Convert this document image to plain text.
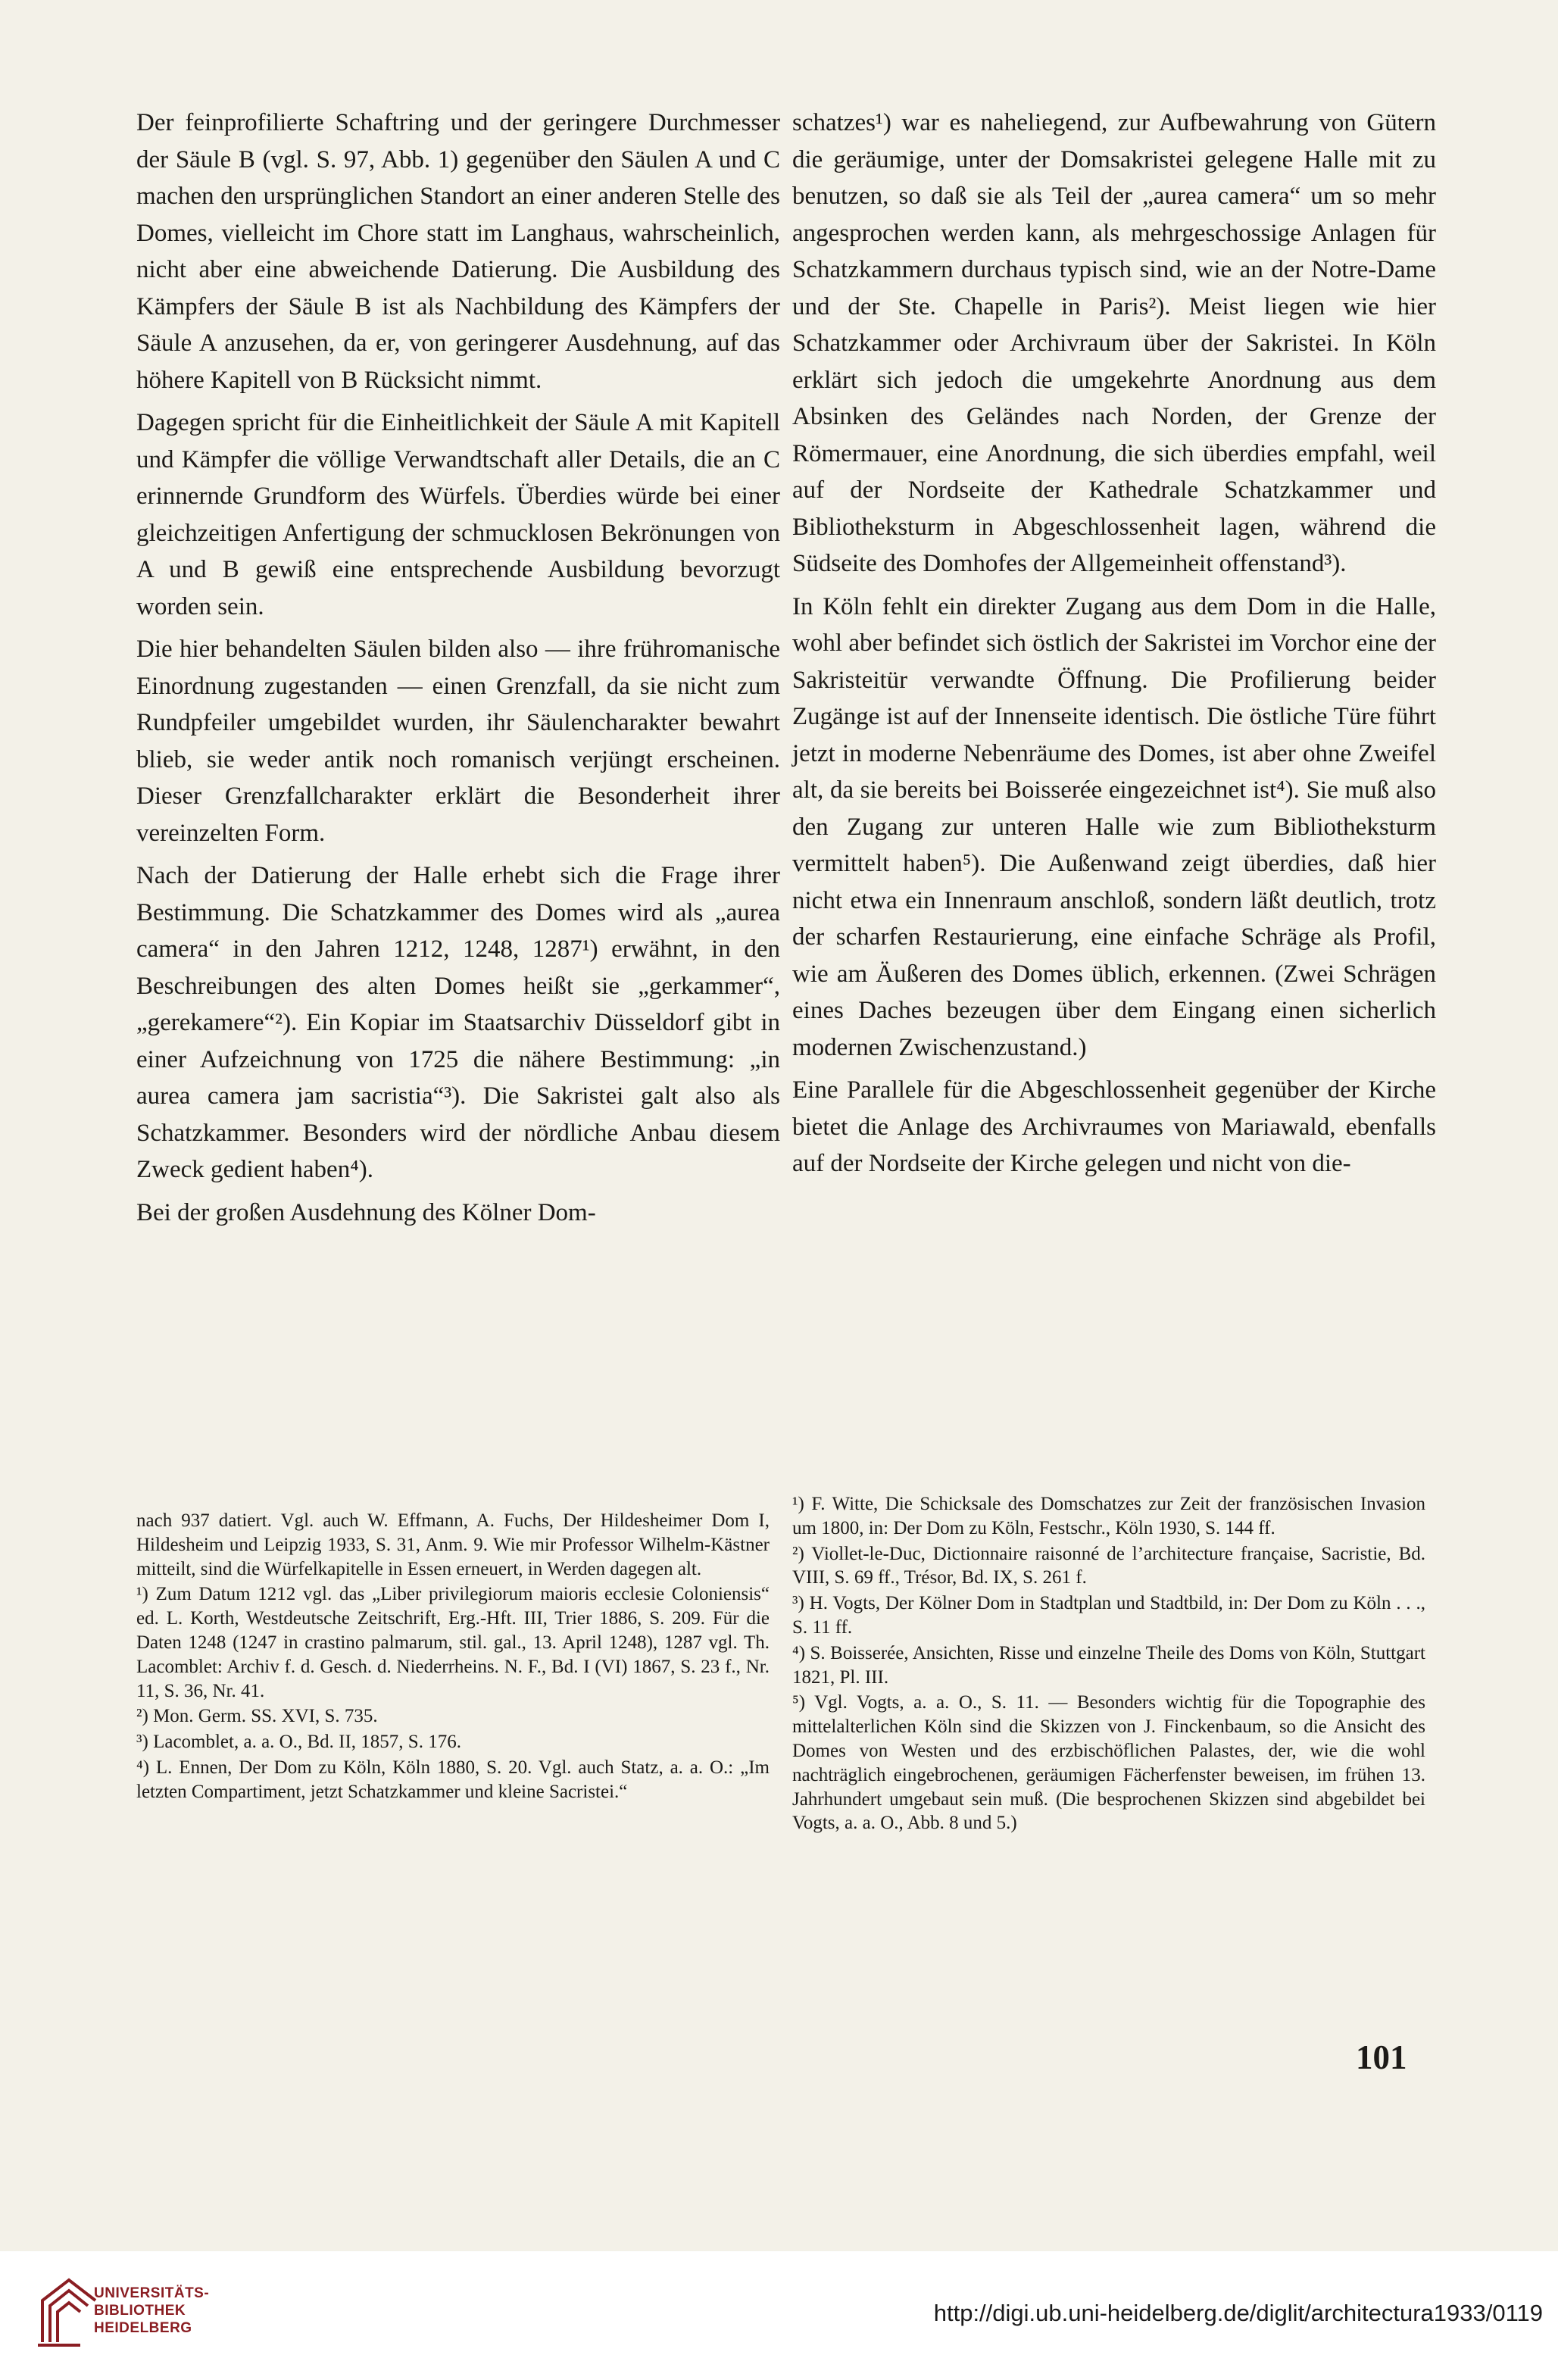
Der feinprofilierte Schaftring und der geringere Durchmesser der Säule B (vgl. S. 97, Abb. 1) gegenüber den Säulen A und C machen den ursprünglichen Standort an einer anderen Stelle des Domes, vielleicht im Chore statt im Langhaus, wahrscheinlich, nicht aber eine abweichende Datierung. Die Ausbildung des Kämpfers der Säule B ist als Nachbildung des Kämpfers der Säule A anzusehen, da er, von geringerer Ausdehnung, auf das höhere Kapitell von B Rücksicht nimmt.

Dagegen spricht für die Einheitlichkeit der Säule A mit Kapitell und Kämpfer die völlige Verwandtschaft aller Details, die an C erinnernde Grundform des Würfels. Überdies würde bei einer gleichzeitigen Anfertigung der schmucklosen Bekrönungen von A und B gewiß eine entsprechende Ausbildung bevorzugt worden sein.

Die hier behandelten Säulen bilden also — ihre frühromanische Einordnung zugestanden — einen Grenzfall, da sie nicht zum Rundpfeiler umgebildet wurden, ihr Säulencharakter bewahrt blieb, sie weder antik noch romanisch verjüngt erscheinen. Dieser Grenzfallcharakter erklärt die Besonderheit ihrer vereinzelten Form.

Nach der Datierung der Halle erhebt sich die Frage ihrer Bestimmung. Die Schatzkammer des Domes wird als „aurea camera“ in den Jahren 1212, 1248, 1287¹) erwähnt, in den Beschreibungen des alten Domes heißt sie „gerkammer“, „gerekamere“²). Ein Kopiar im Staatsarchiv Düsseldorf gibt in einer Aufzeichnung von 1725 die nähere Bestimmung: „in aurea camera jam sacristia“³). Die Sakristei galt also als Schatzkammer. Besonders wird der nördliche Anbau diesem Zweck gedient haben⁴).

Bei der großen Ausdehnung des Kölner Dom-

schatzes¹) war es naheliegend, zur Aufbewahrung von Gütern die geräumige, unter der Domsakristei gelegene Halle mit zu benutzen, so daß sie als Teil der „aurea camera“ um so mehr angesprochen werden kann, als mehrgeschossige Anlagen für Schatzkammern durchaus typisch sind, wie an der Notre-Dame und der Ste. Chapelle in Paris²). Meist liegen wie hier Schatzkammer oder Archivraum über der Sakristei. In Köln erklärt sich jedoch die umgekehrte Anordnung aus dem Absinken des Geländes nach Norden, der Grenze der Römermauer, eine Anordnung, die sich überdies empfahl, weil auf der Nordseite der Kathedrale Schatzkammer und Bibliotheksturm in Abgeschlossenheit lagen, während die Südseite des Domhofes der Allgemeinheit offenstand³).

In Köln fehlt ein direkter Zugang aus dem Dom in die Halle, wohl aber befindet sich östlich der Sakristei im Vorchor eine der Sakristeitür verwandte Öffnung. Die Profilierung beider Zugänge ist auf der Innenseite identisch. Die östliche Türe führt jetzt in moderne Nebenräume des Domes, ist aber ohne Zweifel alt, da sie bereits bei Boisserée eingezeichnet ist⁴). Sie muß also den Zugang zur unteren Halle wie zum Bibliotheksturm vermittelt haben⁵). Die Außenwand zeigt überdies, daß hier nicht etwa ein Innenraum anschloß, sondern läßt deutlich, trotz der scharfen Restaurierung, eine einfache Schräge als Profil, wie am Äußeren des Domes üblich, erkennen. (Zwei Schrägen eines Daches bezeugen über dem Eingang einen sicherlich modernen Zwischenzustand.)

Eine Parallele für die Abgeschlossenheit gegenüber der Kirche bietet die Anlage des Archivraumes von Mariawald, ebenfalls auf der Nordseite der Kirche gelegen und nicht von die-

nach 937 datiert. Vgl. auch W. Effmann, A. Fuchs, Der Hildesheimer Dom I, Hildesheim und Leipzig 1933, S. 31, Anm. 9. Wie mir Professor Wilhelm-Kästner mitteilt, sind die Würfelkapitelle in Essen erneuert, in Werden dagegen alt.

¹) Zum Datum 1212 vgl. das „Liber privilegiorum maioris ecclesie Coloniensis“ ed. L. Korth, Westdeutsche Zeitschrift, Erg.-Hft. III, Trier 1886, S. 209. Für die Daten 1248 (1247 in crastino palmarum, stil. gal., 13. April 1248), 1287 vgl. Th. Lacomblet: Archiv f. d. Gesch. d. Niederrheins. N. F., Bd. I (VI) 1867, S. 23 f., Nr. 11, S. 36, Nr. 41.

²) Mon. Germ. SS. XVI, S. 735.

³) Lacomblet, a. a. O., Bd. II, 1857, S. 176.

⁴) L. Ennen, Der Dom zu Köln, Köln 1880, S. 20. Vgl. auch Statz, a. a. O.: „Im letzten Compartiment, jetzt Schatzkammer und kleine Sacristei.“

¹) F. Witte, Die Schicksale des Domschatzes zur Zeit der französischen Invasion um 1800, in: Der Dom zu Köln, Festschr., Köln 1930, S. 144 ff.

²) Viollet-le-Duc, Dictionnaire raisonné de l’architecture française, Sacristie, Bd. VIII, S. 69 ff., Trésor, Bd. IX, S. 261 f.

³) H. Vogts, Der Kölner Dom in Stadtplan und Stadtbild, in: Der Dom zu Köln . . ., S. 11 ff.

⁴) S. Boisserée, Ansichten, Risse und einzelne Theile des Doms von Köln, Stuttgart 1821, Pl. III.

⁵) Vgl. Vogts, a. a. O., S. 11. — Besonders wichtig für die Topographie des mittelalterlichen Köln sind die Skizzen von J. Finckenbaum, so die Ansicht des Domes von Westen und des erzbischöflichen Palastes, der, wie die wohl nachträglich eingebrochenen, geräumigen Fächerfenster beweisen, im frühen 13. Jahrhundert umgebaut sein muß. (Die besprochenen Skizzen sind abgebildet bei Vogts, a. a. O., Abb. 8 und 5.)

101
UNIVERSITÄTS-
BIBLIOTHEK
HEIDELBERG
http://digi.ub.uni-heidelberg.de/diglit/architectura1933/0119
